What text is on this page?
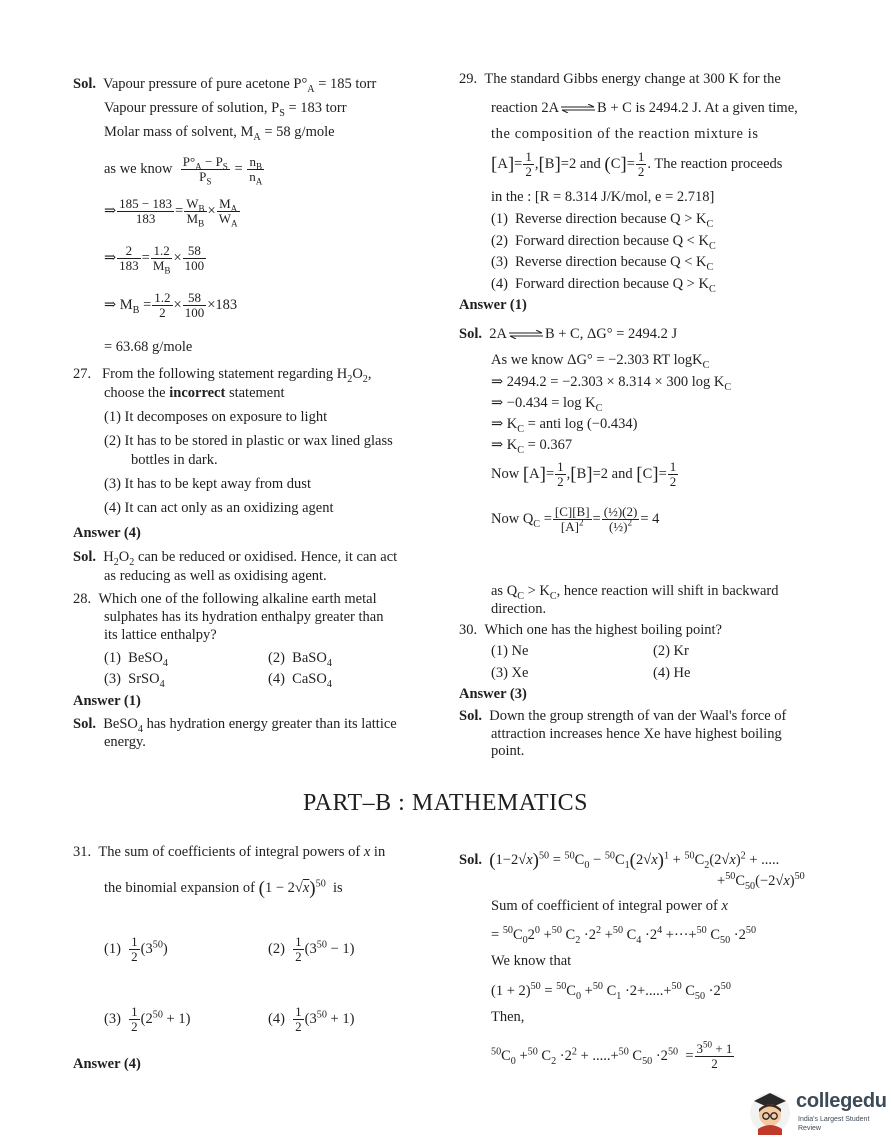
Sol. Vapour pressure of pure acetone $P^\circ_A = 185$ torr
Vapour pressure of solution, $P_S = 183$ torr
Molar mass of solvent, $M_A = 58$ g/mole
as we know $\frac{P^\circ_A - P_S}{P_S} = \frac{n_B}{n_A}$
⇒ $\frac{185 - 183}{183} = \frac{W_B}{M_B} \times \frac{M_A}{W_A}$
⇒ $\frac{2}{183} = \frac{1.2}{M_B} \times \frac{58}{100}$
⇒ $M_B = \frac{1.2}{2} \times \frac{58}{100} \times 183$
= 63.68 g/mole
27. From the following statement regarding $H_2O_2$,
choose the incorrect statement
(1) It decomposes on exposure to light
(2) It has to be stored in plastic or wax lined glass
bottles in dark.
(3) It has to be kept away from dust
(4) It can act only as an oxidizing agent
Answer (4)
Sol.  $H_2O_2$ can be reduced or oxidised. Hence, it can act
as reducing as well as oxidising agent.
28. Which one of the following alkaline earth metal
sulphates has its hydration enthalpy greater than
its lattice enthalpy?
(1)  BeSO$_4$	(2)  BaSO$_4$
(3)  SrSO$_4$	(4)  CaSO$_4$
Answer (1)
Sol.  BeSO$_4$ has hydration energy greater than its lattice
energy.
29. The standard Gibbs energy change at 300 K for the
reaction 2A ⇌ B + C is 2494.2 J. At a given time,
the composition of the reaction mixture is
$[A]= \frac{1}{2} ,[B]=2$ and $(C]= \frac{1}{2}$ . The reaction proceeds
in the : [R = 8.314 J/K/mol, e = 2.718]
(1)  Reverse direction because $Q > K_C$
(2)  Forward direction because $Q < K_C$
(3)  Reverse direction because $Q < K_C$
(4)  Forward direction because $Q > K_C$
Answer (1)
Sol.  2A ⇌ B + C, ΔG° = 2494.2 J
As we know ΔG° = −2.303 RT logK$_C$
⇒ 2494.2 = −2.303 × 8.314 × 300 $\log K_C$
⇒ $-0.434 = \log K_C$
⇒ $K_C$ = anti log (−0.434)
⇒ $K_C = 0.367$
Now $[A]= \frac{1}{2} ,[B]=2$ and $[C]= \frac{1}{2}$
Now $Q_C = \frac{[C][B]}{[A]^2} = \frac{\text{(½)(2)}}{(\frac{1}{2})^2} = 4$
as $Q_C > K_C$, hence reaction will shift in backward
direction.
30. Which one has the highest boiling point?
(1) Ne	(2) Kr
(3) Xe	(4) He
Answer (3)
Sol. Down the group strength of van der Waal's force of
attraction increases hence Xe have highest boiling
point.
PART–B : MATHEMATICS
31.  The sum of coefficients of integral powers of x in
the binomial expansion of $(1 - 2√x)^{50}$  is
$(1) \frac{1}{2} (3^{50})$	$(2) \frac{1}{2} (3^{50} - 1)$
$(3) \frac{1}{2} (2^{50} + 1)$	$(4) \frac{1}{2} (3^{50} + 1)$
Answer (4)
Sol. $(1-2√x)^{50} = ^{50}C_0 - ^{50}C_1(2√x)^1 + ^{50}C_2(2√x)^2$ + .....
$+^{50}C_{50}(-2√x)^{50}$
Sum of coefficient of integral power of x
= $^{50}C_02^0 +^{50}$ $C_2 \cdot 2^2 +^{50}$ $C_4 \cdot 2^4 +\cdot\cdot\cdot+^{50}$ $C_{50} \cdot 2^{50}$
We know that
$(1 + 2)^{50} = ^{50}C_0 +^{50}$ $C_1 \cdot 2+.....+^{50}$ $C_{50} \cdot 2^{50}$
Then,
$^{50}C_0 +^{50}$ $C_2 \cdot 2^2 + .....+^{50}$ $C_{50} \cdot 2^{50} = \frac{3^{50} + 1}{2}$
collegedu
India's Largest Student Review
